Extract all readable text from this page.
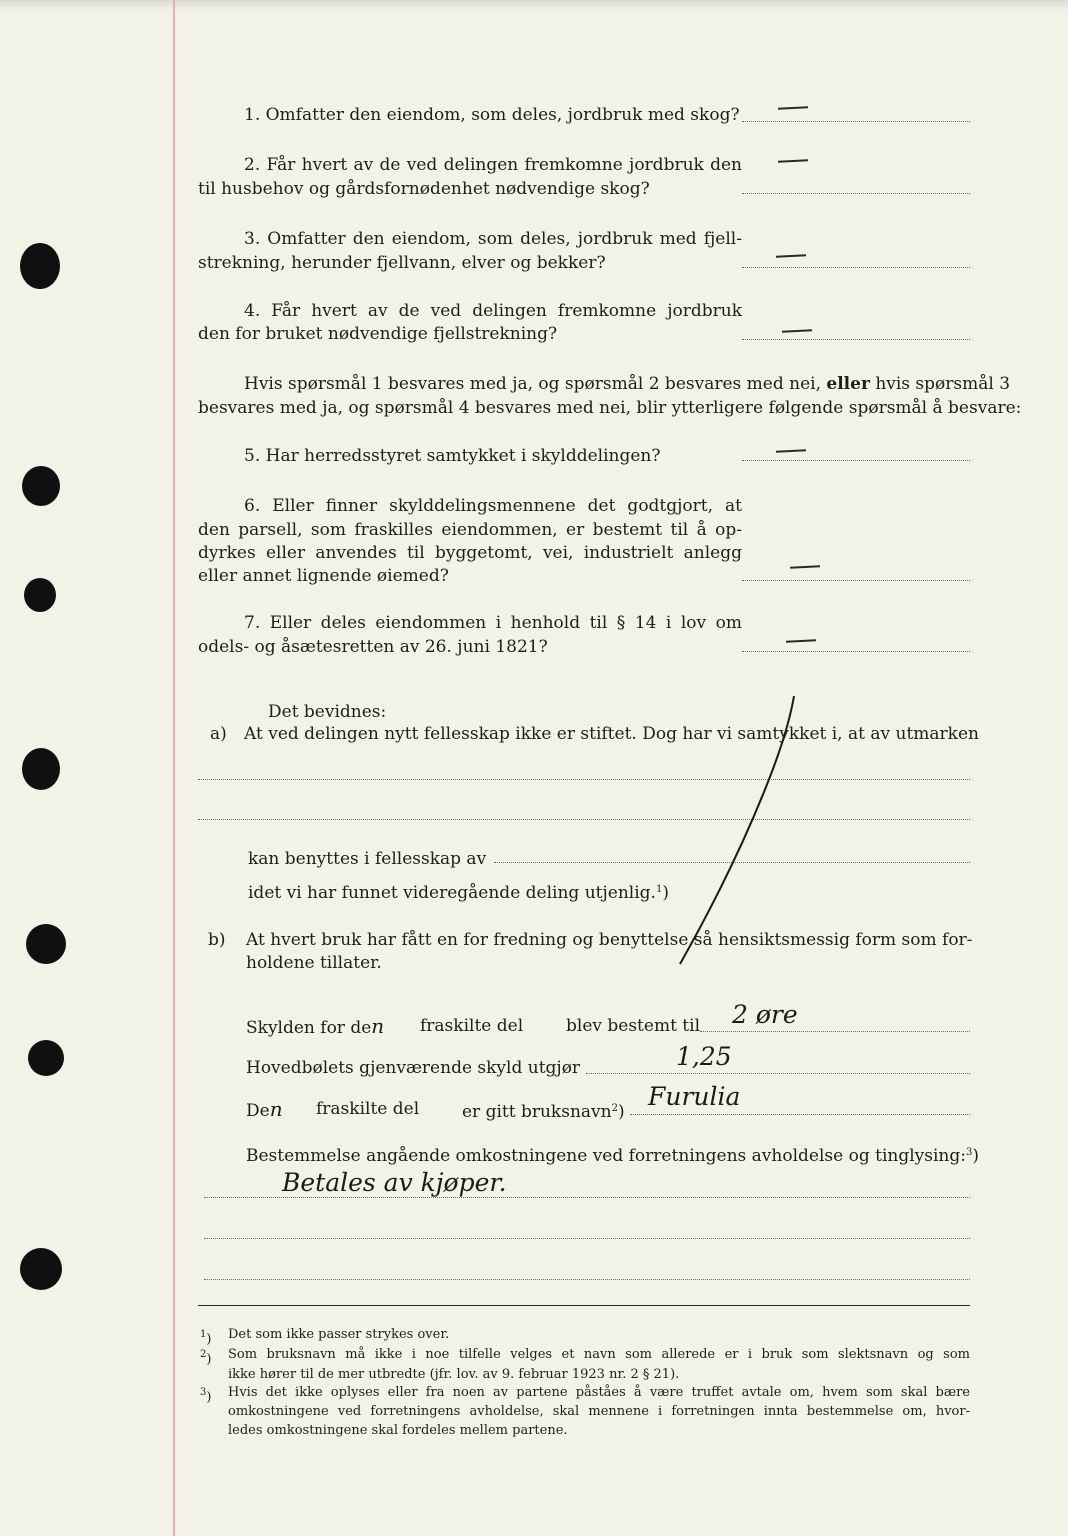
1. Omfatter den eiendom, som deles, jordbruk med skog?
2. Får hvert av de ved delingen fremkomne jordbruk den
til husbehov og gårdsfornødenhet nødvendige skog?
3. Omfatter den eiendom, som deles, jordbruk med fjell-
strekning, herunder fjellvann, elver og bekker?
4. Får hvert av de ved delingen fremkomne jordbruk
den for bruket nødvendige fjellstrekning?
Hvis spørsmål 1 besvares med ja, og spørsmål 2 besvares med nei, eller hvis spørsmål 3
besvares med ja, og spørsmål 4 besvares med nei, blir ytterligere følgende spørsmål å besvare:
5. Har herredsstyret samtykket i skylddelingen?
6. Eller finner skylddelingsmennene det godtgjort, at
den parsell, som fraskilles eiendommen, er bestemt til å op-
dyrkes eller anvendes til byggetomt, vei, industrielt anlegg
eller annet lignende øiemed?
7. Eller deles eiendommen i henhold til § 14 i lov om
odels- og åsætesretten av 26. juni 1821?
Det bevidnes:
a) At ved delingen nytt fellesskap ikke er stiftet. Dog har vi samtykket i, at av utmarken
kan benyttes i fellesskap av
idet vi har funnet videregående deling utjenlig.$^1$)
b) At hvert bruk har fått en for fredning og benyttelse så hensiktsmessig form som for-
holdene tillater.
Skylden for den fraskilte del	blev bestemt til 2 øre
Hovedbølets gjenværende skyld utgjør	1,25
Den fraskilte del	er gitt bruksnavn$^2$)
Furulia
Bestemmelse angående omkostningene ved forretningens avholdelse og tinglysing:$^3$)
Betales av kjøper.
$^1$) Det som ikke passer strykes over.
$^2$) Som bruksnavn må ikke i noe tilfelle velges et navn som allerede er i bruk som slektsnavn og som
ikke hører til de mer utbredte (jfr. lov. av 9. februar 1923 nr. 2 § 21).
$^3$) Hvis det ikke oplyses eller fra noen av partene påståes å være truffet avtale om, hvem som skal bære
omkostningene ved forretningens avholdelse, skal mennene i forretningen innta bestemmelse om, hvor-
ledes omkostningene skal fordeles mellem partene.
